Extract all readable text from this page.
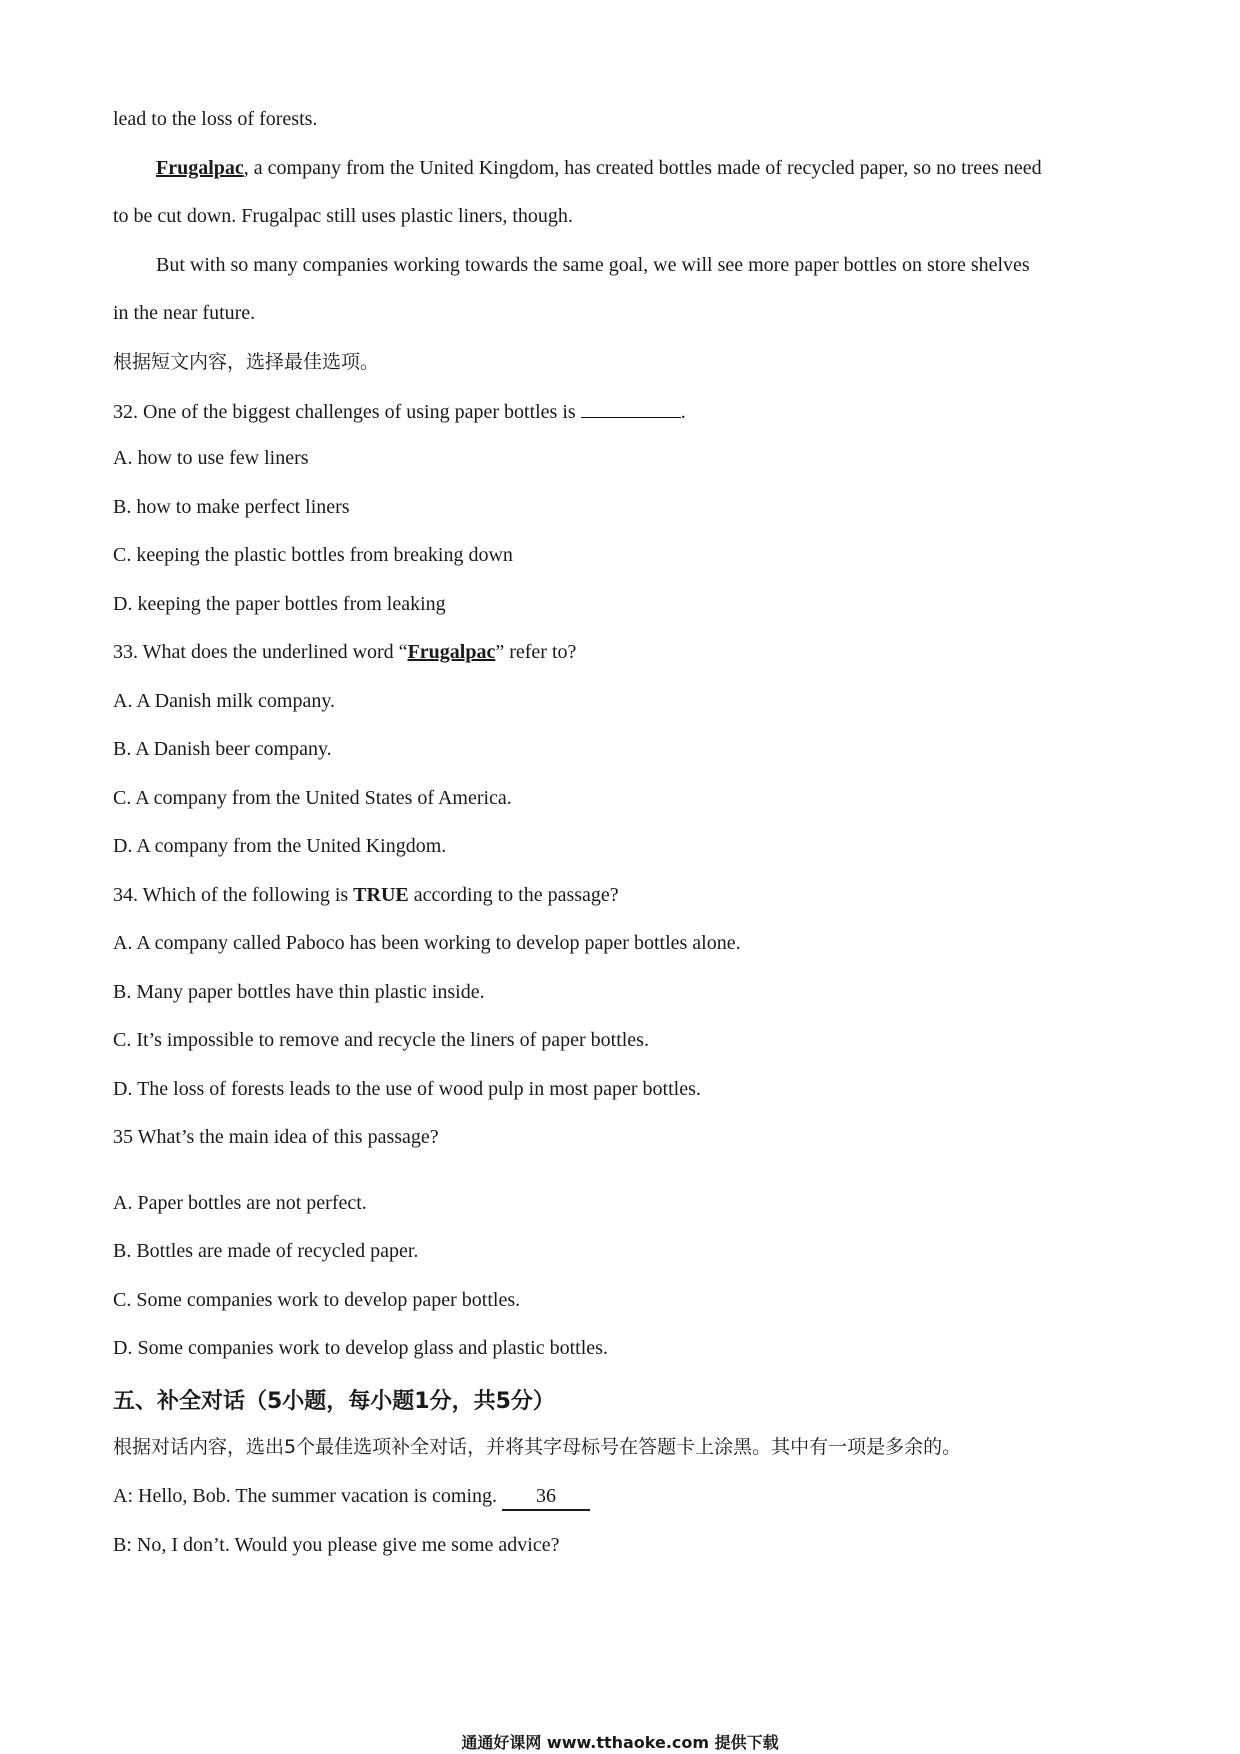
lead to the loss of forests.
Frugalpac, a company from the United Kingdom, has created bottles made of recycled paper, so no trees need
to be cut down. Frugalpac still uses plastic liners, though.
But with so many companies working towards the same goal, we will see more paper bottles on store shelves
in the near future.
根据短文内容，选择最佳选项。
32. One of the biggest challenges of using paper bottles is	.
A. how to use few liners
B. how to make perfect liners
C. keeping the plastic bottles from breaking down
D. keeping the paper bottles from leaking
33. What does the underlined word “Frugalpac” refer to?
A. A Danish milk company.
B. A Danish beer company.
C. A company from the United States of America.
D. A company from the United Kingdom.
34. Which of the following is TRUE according to the passage?
A. A company called Paboco has been working to develop paper bottles alone.
B. Many paper bottles have thin plastic inside.
C. It’s impossible to remove and recycle the liners of paper bottles.
D. The loss of forests leads to the use of wood pulp in most paper bottles.
35 What’s the main idea of this passage?
A. Paper bottles are not perfect.
B. Bottles are made of recycled paper.
C. Some companies work to develop paper bottles.
D. Some companies work to develop glass and plastic bottles.
五、补全对话（5小题，每小题1分，共5分）
根据对话内容，选出5个最佳选项补全对话，并将其字母标号在答题卡上涂黑。其中有一项是多余的。
A: Hello, Bob. The summer vacation is coming. 36
B: No, I don’t. Would you please give me some advice?
通通好课网 www.tthaoke.com 提供下载
